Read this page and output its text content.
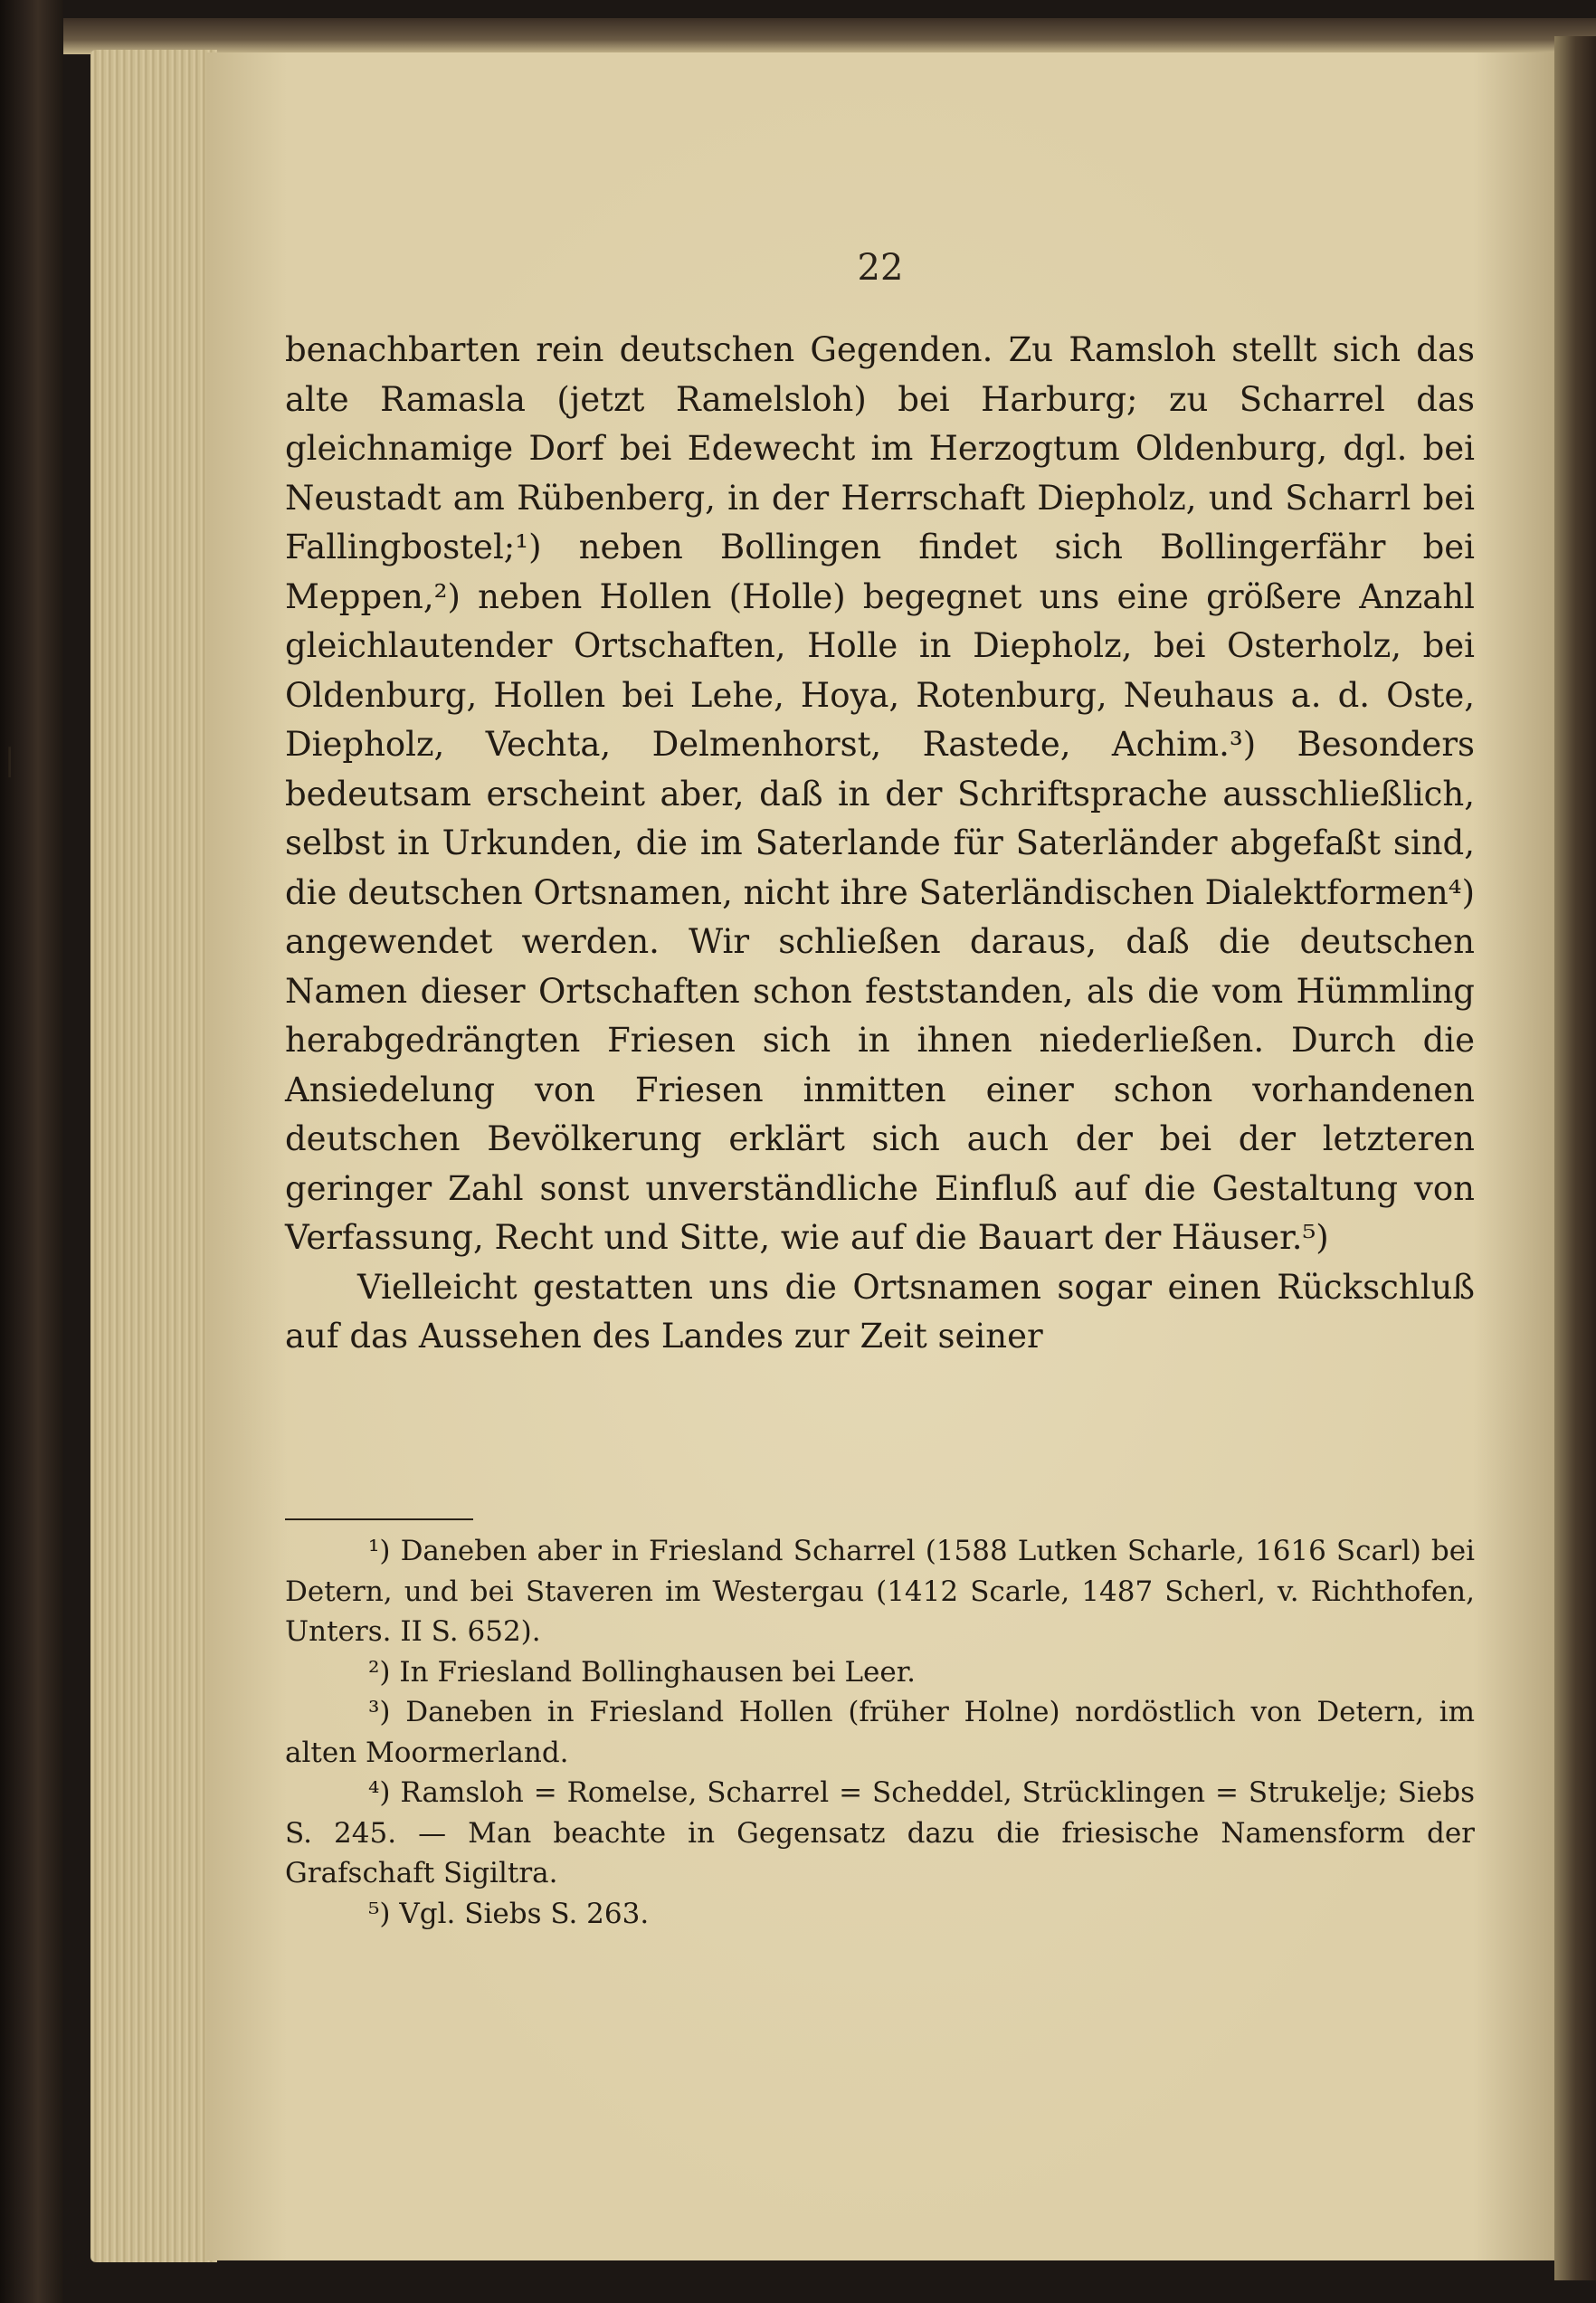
|
22

benachbarten rein deutschen Gegenden. Zu Ramsloh stellt sich das alte Ramasla (jetzt Ramelsloh) bei Harburg; zu Scharrel das gleichnamige Dorf bei Edewecht im Herzogtum Oldenburg, dgl. bei Neustadt am Rübenberg, in der Herrschaft Diepholz, und Scharrl bei Fallingbostel;¹) neben Bollingen findet sich Bollingerfähr bei Meppen,²) neben Hollen (Holle) begegnet uns eine größere Anzahl gleichlautender Ortschaften, Holle in Diepholz, bei Osterholz, bei Oldenburg, Hollen bei Lehe, Hoya, Rotenburg, Neuhaus a. d. Oste, Diepholz, Vechta, Delmenhorst, Rastede, Achim.³) Besonders bedeutsam erscheint aber, daß in der Schriftsprache ausschließlich, selbst in Urkunden, die im Saterlande für Saterländer abgefaßt sind, die deutschen Ortsnamen, nicht ihre Saterländischen Dialektformen⁴) angewendet werden. Wir schließen daraus, daß die deutschen Namen dieser Ortschaften schon feststanden, als die vom Hümmling herabgedrängten Friesen sich in ihnen niederließen. Durch die Ansiedelung von Friesen inmitten einer schon vorhandenen deutschen Bevölkerung erklärt sich auch der bei der letzteren geringer Zahl sonst unverständliche Einfluß auf die Gestaltung von Verfassung, Recht und Sitte, wie auf die Bauart der Häuser.⁵)

Vielleicht gestatten uns die Ortsnamen sogar einen Rückschluß auf das Aussehen des Landes zur Zeit seiner

¹) Daneben aber in Friesland Scharrel (1588 Lutken Scharle, 1616 Scarl) bei Detern, und bei Staveren im Westergau (1412 Scarle, 1487 Scherl, v. Richthofen, Unters. II S. 652).

²) In Friesland Bollinghausen bei Leer.

³) Daneben in Friesland Hollen (früher Holne) nordöstlich von Detern, im alten Moormerland.

⁴) Ramsloh = Romelse, Scharrel = Scheddel, Strücklingen = Strukelje; Siebs S. 245. — Man beachte in Gegensatz dazu die friesische Namensform der Grafschaft Sigiltra.

⁵) Vgl. Siebs S. 263.
